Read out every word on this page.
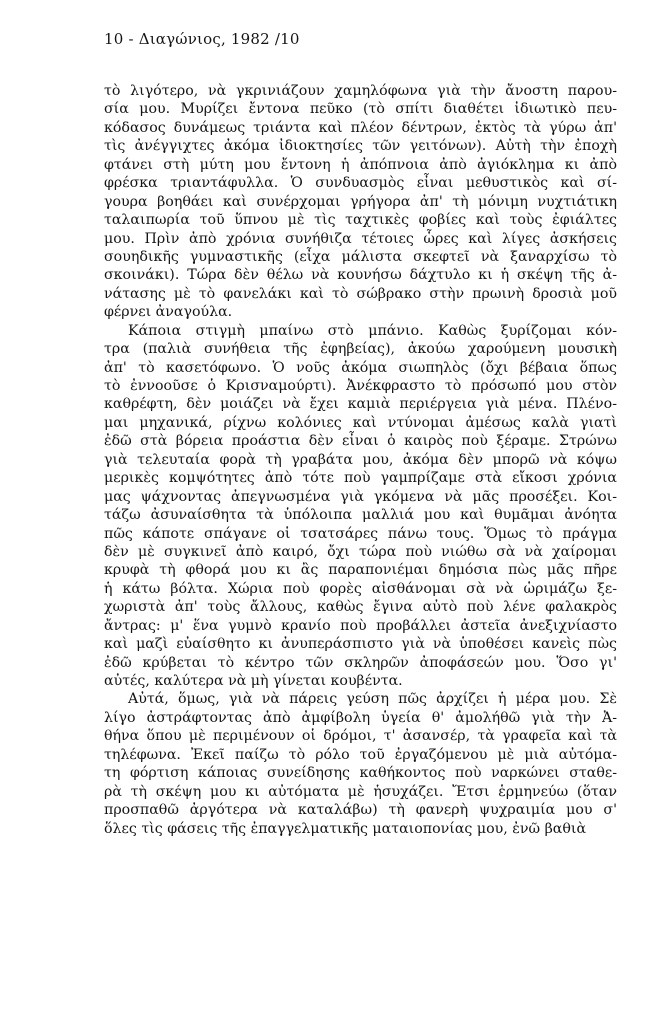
10 - Διαγώνιος, 1982 /10
τὸ λιγότερο, νὰ γκρινιάζουν χαμηλόφωνα γιὰ τὴν ἄνοστη παρου-
σία μου. Μυρίζει ἔντονα πεῦκο (τὸ σπίτι διαθέτει ἰδιωτικὸ πευ-
κόδασος δυνάμεως τριάντα καὶ πλέον δέντρων, ἐκτὸς τὰ γύρω ἀπ'
τὶς ἀνέγγιχτες ἀκόμα ἰδιοκτησίες τῶν γειτόνων). Αὐτὴ τὴν ἐποχὴ
φτάνει στὴ μύτη μου ἔντονη ἡ ἀπόπνοια ἀπὸ ἀγιόκλημα κι ἀπὸ
φρέσκα τριαντάφυλλα. Ὁ συνδυασμὸς εἶναι μεθυστικὸς καὶ σί-
γουρα βοηθάει καὶ συνέρχομαι γρήγορα ἀπ' τὴ μόνιμη νυχτιάτικη
ταλαιπωρία τοῦ ὕπνου μὲ τὶς ταχτικὲς φοβίες καὶ τοὺς ἐφιάλτες
μου. Πρὶν ἀπὸ χρόνια συνήθιζα τέτοιες ὧρες καὶ λίγες ἀσκήσεις
σουηδικῆς γυμναστικῆς (εἶχα μάλιστα σκεφτεῖ νὰ ξαναρχίσω τὸ
σκοινάκι). Τώρα δὲν θέλω νὰ κουνήσω δάχτυλο κι ἡ σκέψη τῆς ἀ-
νάτασης μὲ τὸ φανελάκι καὶ τὸ σώβρακο στὴν πρωινὴ δροσιὰ μοῦ
φέρνει ἀναγούλα.
Κάποια στιγμὴ μπαίνω στὸ μπάνιο. Καθὼς ξυρίζομαι κόν-
τρα (παλιὰ συνήθεια τῆς ἐφηβείας), ἀκούω χαρούμενη μουσικὴ
ἀπ' τὸ κασετόφωνο. Ὁ νοῦς ἀκόμα σιωπηλὸς (ὄχι βέβαια ὅπως
τὸ ἐννοοῦσε ὁ Κρισναμούρτι). Ἀνέκφραστο τὸ πρόσωπό μου στὸν
καθρέφτη, δὲν μοιάζει νὰ ἔχει καμιὰ περιέργεια γιὰ μένα. Πλένο-
μαι μηχανικά, ρίχνω κολόνιες καὶ ντύνομαι ἀμέσως καλὰ γιατὶ
ἐδῶ στὰ βόρεια προάστια δὲν εἶναι ὁ καιρὸς ποὺ ξέραμε. Στρώνω
γιὰ τελευταία φορὰ τὴ γραβάτα μου, ἀκόμα δὲν μπορῶ νὰ κόψω
μερικὲς κομψότητες ἀπὸ τότε ποὺ γαμπρίζαμε στὰ εἴκοσι χρόνια
μας ψάχνοντας ἀπεγνωσμένα γιὰ γκόμενα νὰ μᾶς προσέξει. Κοι-
τάζω ἀσυναίσθητα τὰ ὑπόλοιπα μαλλιά μου καὶ θυμᾶμαι ἀνόητα
πῶς κάποτε σπάγανε οἱ τσατσάρες πάνω τους. Ὅμως τὸ πράγμα
δὲν μὲ συγκινεῖ ἀπὸ καιρό, ὄχι τώρα ποὺ νιώθω σὰ νὰ χαίρομαι
κρυφὰ τὴ φθορά μου κι ἂς παραπονιέμαι δημόσια πὼς μᾶς πῆρε
ἡ κάτω βόλτα. Χώρια ποὺ φορὲς αἰσθάνομαι σὰ νὰ ὡριμάζω ξε-
χωριστὰ ἀπ' τοὺς ἄλλους, καθὼς ἔγινα αὐτὸ ποὺ λένε φαλακρὸς
ἄντρας: μ' ἕνα γυμνὸ κρανίο ποὺ προβάλλει ἀστεῖα ἀνεξιχνίαστο
καὶ μαζὶ εὐαίσθητο κι ἀνυπεράσπιστο γιὰ νὰ ὑποθέσει κανεὶς πὼς
ἐδῶ κρύβεται τὸ κέντρο τῶν σκληρῶν ἀποφάσεών μου. Ὅσο γι'
αὐτές, καλύτερα νὰ μὴ γίνεται κουβέντα.
Αὐτά, ὅμως, γιὰ νὰ πάρεις γεύση πῶς ἀρχίζει ἡ μέρα μου. Σὲ
λίγο ἀστράφτοντας ἀπὸ ἀμφίβολη ὑγεία θ' ἀμολήθῶ γιὰ τὴν Ἀ-
θήνα ὅπου μὲ περιμένουν οἱ δρόμοι, τ' ἀσανσέρ, τὰ γραφεῖα καὶ τὰ
τηλέφωνα. Ἐκεῖ παίζω τὸ ρόλο τοῦ ἐργαζόμενου μὲ μιὰ αὐτόμα-
τη φόρτιση κάποιας συνείδησης καθήκοντος ποὺ ναρκώνει σταθε-
ρὰ τὴ σκέψη μου κι αὐτόματα μὲ ἡσυχάζει. Ἔτσι ἑρμηνεύω (ὅταν
προσπαθῶ ἀργότερα νὰ καταλάβω) τὴ φανερὴ ψυχραιμία μου σ'
ὅλες τὶς φάσεις τῆς ἐπαγγελματικῆς ματαιοπονίας μου, ἐνῶ βαθιὰ
